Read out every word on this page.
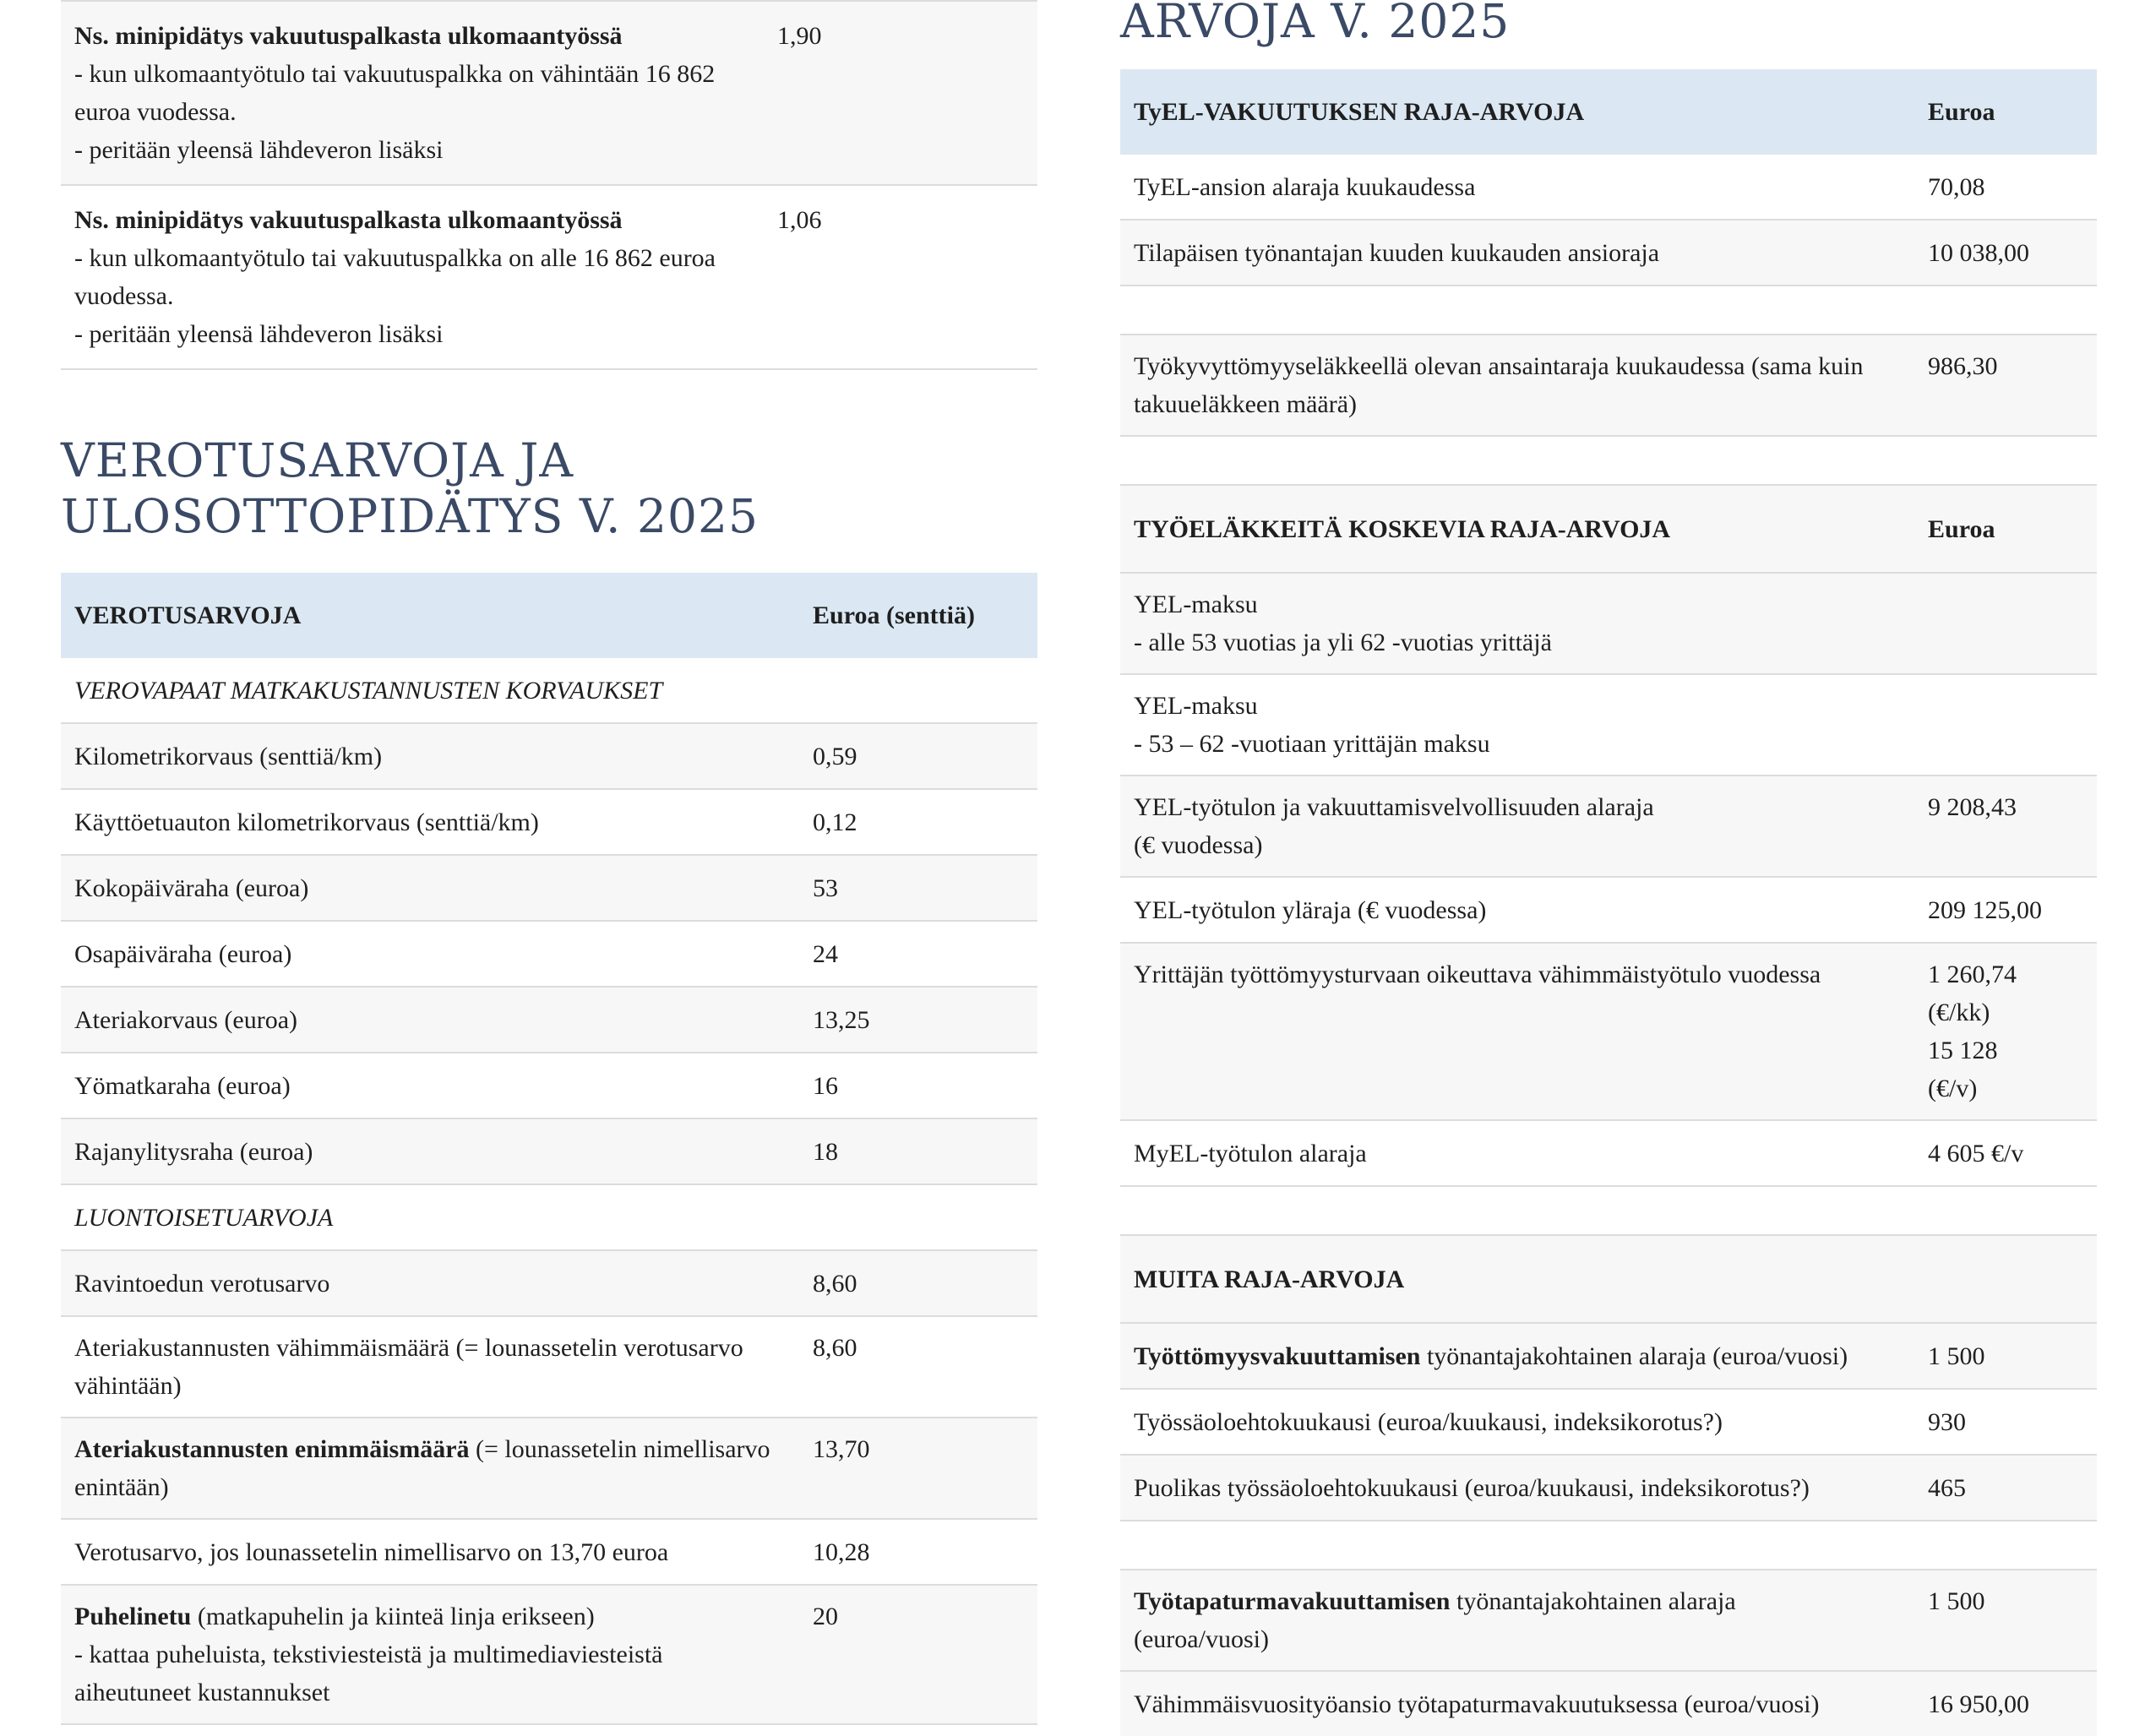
Ns. minipidätys vakuutuspalkasta ulkomaantyössä
- kun ulkomaantyötulo tai vakuutuspalkka on vähintään 16 862 euroa vuodessa.
- peritään yleensä lähdeveron lisäksi	1,90

Ns. minipidätys vakuutuspalkasta ulkomaantyössä
- kun ulkomaantyötulo tai vakuutuspalkka on alle 16 862 euroa vuodessa.
- peritään yleensä lähdeveron lisäksi	1,06
VEROTUSARVOJA JA ULOSOTTOPIDÄTYS V. 2025
VEROTUSARVOJA	Euroa (senttiä)
VEROVAPAAT MATKAKUSTANNUSTEN KORVAUKSET	
Kilometrikorvaus (senttiä/km)	0,59
Käyttöetuauton kilometrikorvaus (senttiä/km)	0,12
Kokopäiväraha (euroa)	53
Osapäiväraha (euroa)	24
Ateriakorvaus (euroa)	13,25
Yömatkaraha (euroa)	16
Rajanylitysraha (euroa)	18
LUONTOISETUARVOJA	
Ravintoedun verotusarvo	8,60
Ateriakustannusten vähimmäismäärä (= lounassetelin verotusarvo vähintään)	8,60
Ateriakustannusten enimmäismäärä (= lounassetelin nimellisarvo enintään)	13,70
Verotusarvo, jos lounassetelin nimellisarvo on 13,70 euroa	10,28

Puhelinetu (matkapuhelin ja kiinteä linja erikseen)
- kattaa puheluista, tekstiviesteistä ja multimediaviesteistä aiheutuneet kustannukset	20
ARVOJA V. 2025
TyEL-VAKUUTUKSEN RAJA-ARVOJA	Euroa
TyEL-ansion alaraja kuukaudessa	70,08
Tilapäisen työnantajan kuuden kuukauden ansioraja	10 038,00

Työkyvyttömyyseläkkeellä olevan ansaintaraja kuukaudessa (sama kuin takuueläkkeen määrä)	986,30

TYÖELÄKKEITÄ KOSKEVIA RAJA-ARVOJA	Euroa
YEL-maksu
- alle 53 vuotias ja yli 62 -vuotias yrittäjä	
YEL-maksu
- 53 – 62 -vuotiaan yrittäjän maksu	
YEL-työtulon ja vakuuttamisvelvollisuuden alaraja (€ vuodessa)	9 208,43
YEL-työtulon yläraja (€ vuodessa)	209 125,00
Yrittäjän työttömyysturvaan oikeuttava vähimmäistyötulo vuodessa	1 260,74 (€/kk)
15 128 (€/v)
MyEL-työtulon alaraja	4 605 €/v

MUITA RAJA-ARVOJA	
Työttömyysvakuuttamisen työnantajakohtainen alaraja (euroa/vuosi)	1 500
Työssäoloehtokuukausi (euroa/kuukausi, indeksikorotus?)	930
Puolikas työssäoloehtokuukausi (euroa/kuukausi, indeksikorotus?)	465

Työtapaturmavakuuttamisen työnantajakohtainen alaraja (euroa/vuosi)	1 500
Vähimmäisvuosityöansio työtapaturmavakuutuksessa (euroa/vuosi)	16 950,00
